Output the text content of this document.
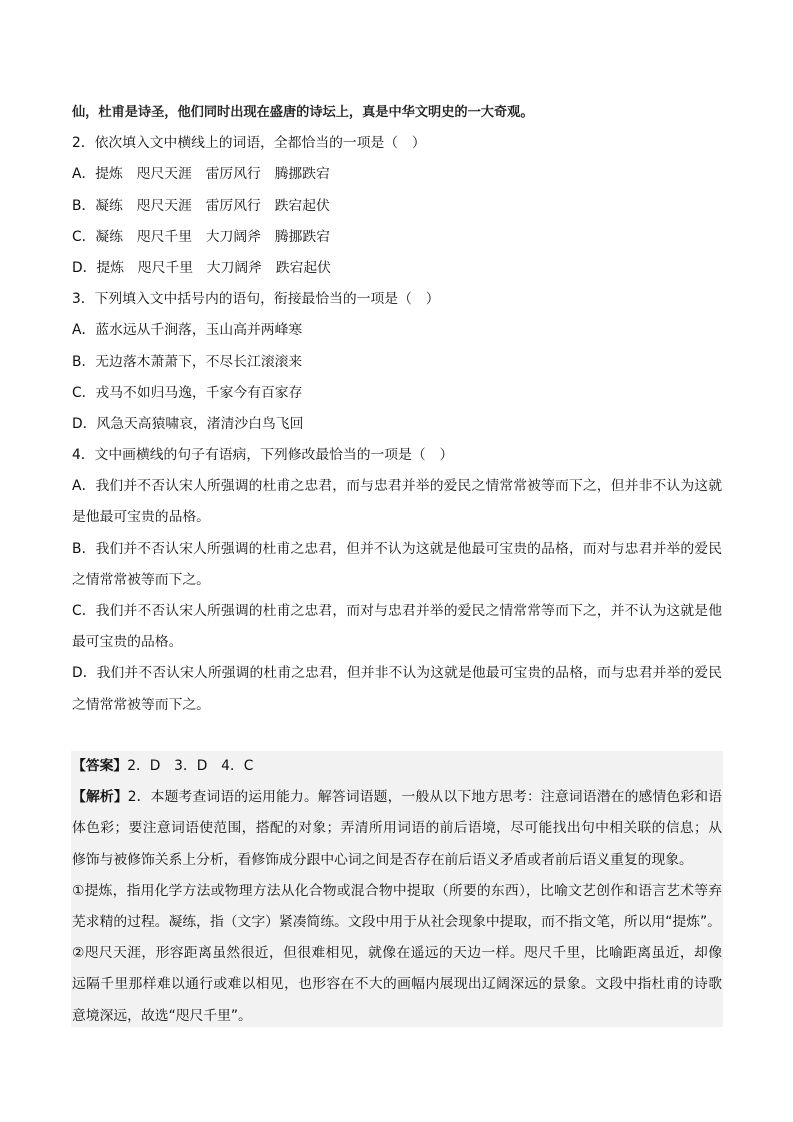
仙，杜甫是诗圣，他们同时出现在盛唐的诗坛上，真是中华文明史的一大奇观。
2．依次填入文中横线上的词语，全都恰当的一项是（　）
A．提炼　咫尺天涯　雷厉风行　腾挪跌宕
B．凝练　咫尺天涯　雷厉风行　跌宕起伏
C．凝练　咫尺千里　大刀阔斧　腾挪跌宕
D．提炼　咫尺千里　大刀阔斧　跌宕起伏
3．下列填入文中括号内的语句，衔接最恰当的一项是（　）
A．蓝水远从千涧落，玉山高并两峰寒
B．无边落木萧萧下，不尽长江滚滚来
C．戎马不如归马逸，千家今有百家存
D．风急天高猿啸哀，渚清沙白鸟飞回
4．文中画横线的句子有语病，下列修改最恰当的一项是（　）
A．我们并不否认宋人所强调的杜甫之忠君，而与忠君并举的爱民之情常常被等而下之，但并非不认为这就
是他最可宝贵的品格。
B．我们并不否认宋人所强调的杜甫之忠君，但并不认为这就是他最可宝贵的品格，而对与忠君并举的爱民
之情常常被等而下之。
C．我们并不否认宋人所强调的杜甫之忠君，而对与忠君并举的爱民之情常常等而下之，并不认为这就是他
最可宝贵的品格。
D．我们并不否认宋人所强调的杜甫之忠君，但并非不认为这就是他最可宝贵的品格，而与忠君并举的爱民
之情常常被等而下之。
【答案】2．D　3．D　4．C
【解析】2．本题考查词语的运用能力。解答词语题，一般从以下地方思考：注意词语潜在的感情色彩和语
体色彩；要注意词语使范围，搭配的对象；弄清所用词语的前后语境，尽可能找出句中相关联的信息；从
修饰与被修饰关系上分析，看修饰成分跟中心词之间是否存在前后语义矛盾或者前后语义重复的现象。
①提炼，指用化学方法或物理方法从化合物或混合物中提取（所要的东西），比喻文艺创作和语言艺术等弃
芜求精的过程。凝练，指（文字）紧凑简练。文段中用于从社会现象中提取，而不指文笔，所以用“提炼”。
②咫尺天涯，形容距离虽然很近，但很难相见，就像在遥远的天边一样。咫尺千里，比喻距离虽近，却像
远隔千里那样难以通行或难以相见，也形容在不大的画幅内展现出辽阔深远的景象。文段中指杜甫的诗歌
意境深远，故选“咫尺千里”。
